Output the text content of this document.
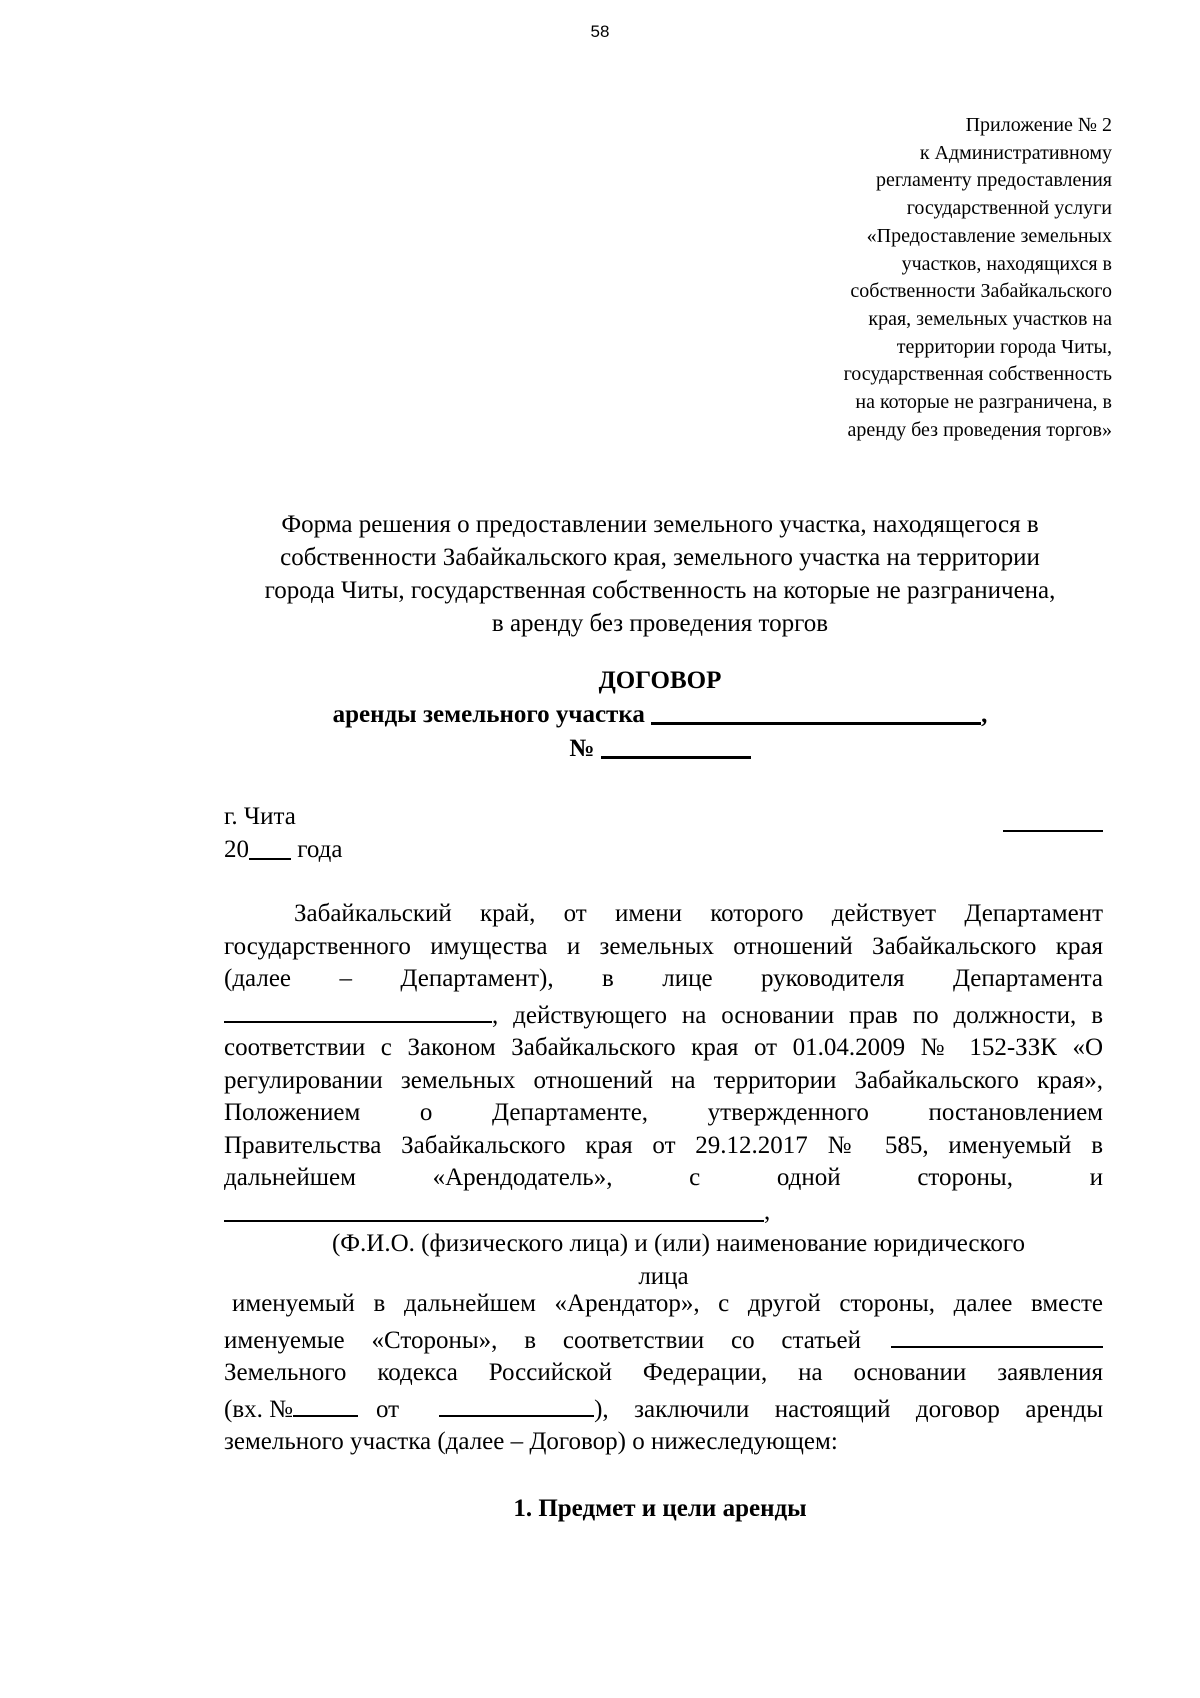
58
Приложение № 2
к Административному
регламенту предоставления
государственной услуги
«Предоставление земельных
участков, находящихся в
собственности Забайкальского
края, земельных участков на
территории города Читы,
государственная собственность
на которые не разграничена, в
аренду без проведения торгов»
Форма решения о предоставлении земельного участка, находящегося в
собственности Забайкальского края, земельного участка на территории
города Читы, государственная собственность на которые не разграничена,
в аренду без проведения торгов
ДОГОВОР
аренды земельного участка	,
№
г. Чита
20 года
Забайкальский край, от имени которого действует Департамент
государственного имущества и земельных отношений Забайкальского края
(далее – Департамент), в лице руководителя Департамента
, действующего на основании прав по должности, в
соответствии с Законом Забайкальского края от 01.04.2009 № 152-ЗЗК «О
регулировании земельных отношений на территории Забайкальского края»,
Положением о Департаменте, утвержденного постановлением
Правительства Забайкальского края от 29.12.2017 № 585, именуемый в
дальнейшем «Арендодатель», с одной стороны, и
,
(Ф.И.О. (физического лица) и (или) наименование юридического
лица
именуемый в дальнейшем «Арендатор», с другой стороны, далее вместе
именуемые «Стороны», в соответствии со статьей
Земельного кодекса Российской Федерации, на основании заявления
(вх. №	от	), заключили настоящий договор аренды
земельного участка (далее – Договор) о нижеследующем:
1. Предмет и цели аренды
